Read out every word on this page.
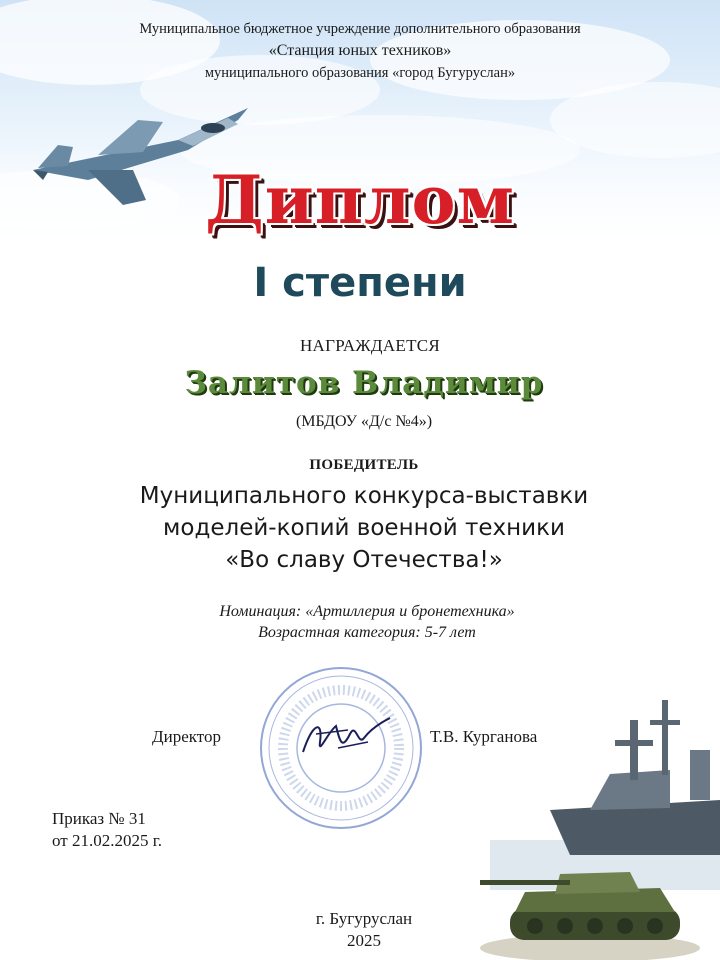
Муниципальное бюджетное учреждение дополнительного образования
«Станция юных техников»
муниципального образования «город Бугуруслан»
Диплом
I степени
НАГРАЖДАЕТСЯ
Залитов Владимир
(МБДОУ «Д/с №4»)
ПОБЕДИТЕЛЬ
Муниципального конкурса-выставки
моделей-копий военной техники
«Во славу Отечества!»
Номинация: «Артиллерия и бронетехника»
Возрастная категория: 5-7 лет
Директор	Т.В. Курганова
Приказ № 31
от 21.02.2025 г.
г. Бугуруслан
2025
